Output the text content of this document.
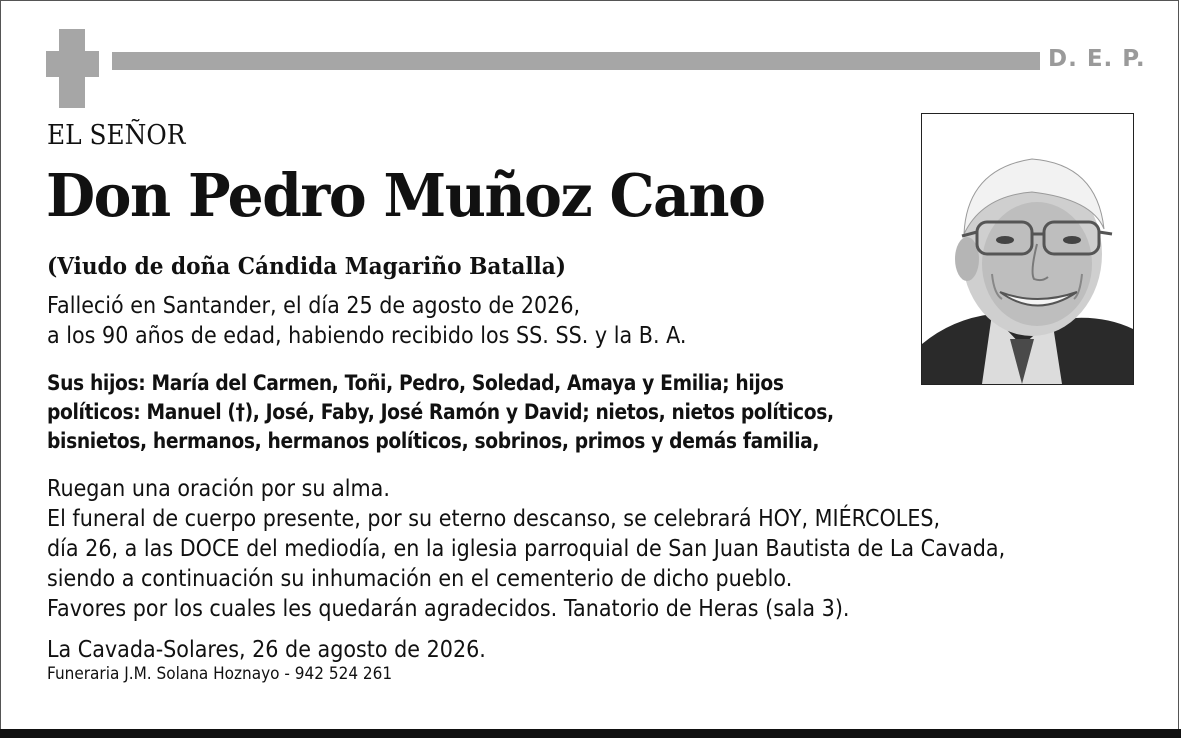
D. E. P.
EL SEÑOR
Don Pedro Muñoz Cano
(Viudo de doña Cándida Magariño Batalla)
Falleció en Santander, el día 25 de agosto de 2026,
a los 90 años de edad, habiendo recibido los SS. SS. y la B. A.
Sus hijos: María del Carmen, Toñi, Pedro, Soledad, Amaya y Emilia; hijos
políticos: Manuel (†), José, Faby, José Ramón y David; nietos, nietos políticos,
bisnietos, hermanos, hermanos políticos, sobrinos, primos y demás familia,
Ruegan una oración por su alma.
El funeral de cuerpo presente, por su eterno descanso, se celebrará HOY, MIÉRCOLES,
día 26, a las DOCE del mediodía, en la iglesia parroquial de San Juan Bautista de La Cavada,
siendo a continuación su inhumación en el cementerio de dicho pueblo.
Favores por los cuales les quedarán agradecidos. Tanatorio de Heras (sala 3).
La Cavada-Solares, 26 de agosto de 2026.
Funeraria J.M. Solana Hoznayo - 942 524 261
